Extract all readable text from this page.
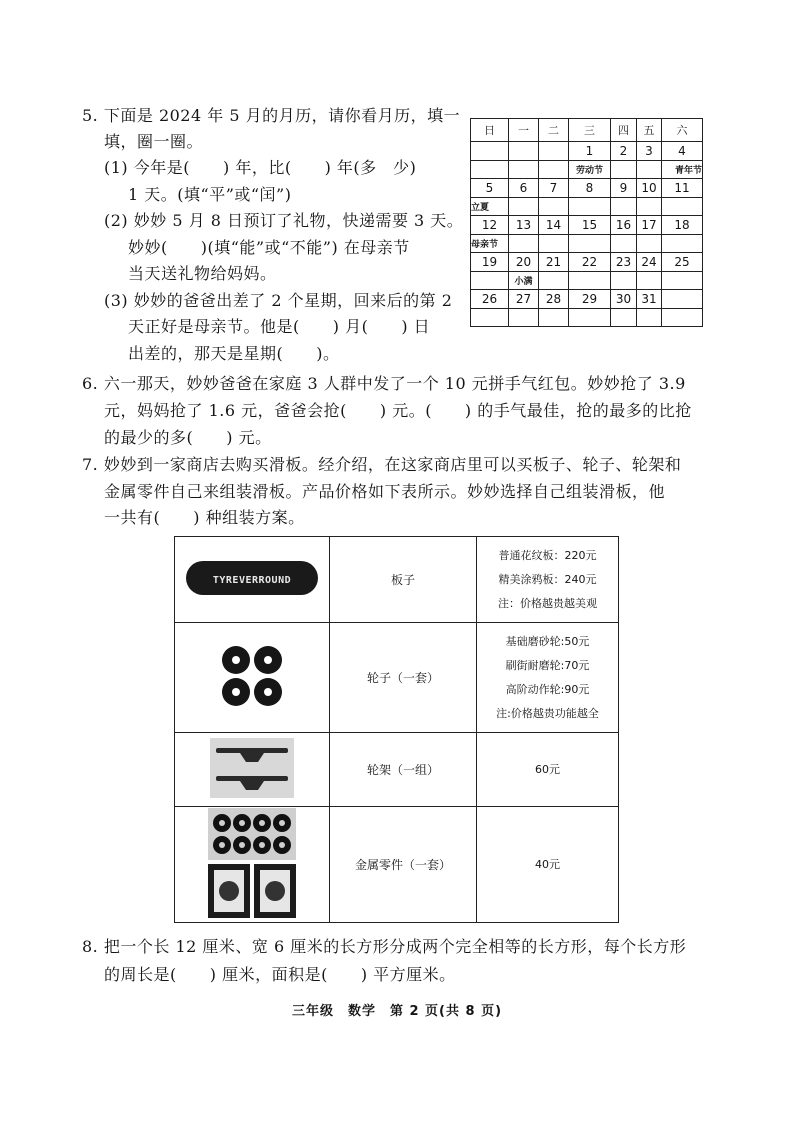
5. 下面是 2024 年 5 月的月历，请你看月历，填一
填，圈一圈。
(1) 今年是(　　) 年，比(　　) 年(多　少)
1 天。(填“平”或“闰”)
(2) 妙妙 5 月 8 日预订了礼物，快递需要 3 天。
妙妙(　　)(填“能”或“不能”) 在母亲节
当天送礼物给妈妈。
(3) 妙妙的爸爸出差了 2 个星期，回来后的第 2
天正好是母亲节。他是(　　) 月(　　) 日
出差的，那天是星期(　　)。
日	一	二	三	四	五	六
			1	2	3	4
			劳动节			青年节
5	6	7	8	9	10	11
立夏						
12	13	14	15	16	17	18
母亲节						
19	20	21	22	23	24	25
	小满					
26	27	28	29	30	31	

6. 六一那天，妙妙爸爸在家庭 3 人群中发了一个 10 元拼手气红包。妙妙抢了 3.9
元，妈妈抢了 1.6 元，爸爸会抢(　　) 元。(　　) 的手气最佳，抢的最多的比抢
的最少的多(　　) 元。
7. 妙妙到一家商店去购买滑板。经介绍，在这家商店里可以买板子、轮子、轮架和
金属零件自己来组装滑板。产品价格如下表所示。妙妙选择自己组装滑板，他
一共有(　　) 种组装方案。
TYREVERROUND	板子	普通花纹板：220元
精美涂鸦板：240元
注：价格越贵越美观

	轮子（一套）	基础磨砂轮:50元
刷街耐磨轮:70元
高阶动作轮:90元
注:价格越贵功能越全

	轮架（一组）	60元

	金属零件（一套）	40元
8. 把一个长 12 厘米、宽 6 厘米的长方形分成两个完全相等的长方形，每个长方形
的周长是(　　) 厘米，面积是(　　) 平方厘米。
三年级　数学　第 2 页(共 8 页)
